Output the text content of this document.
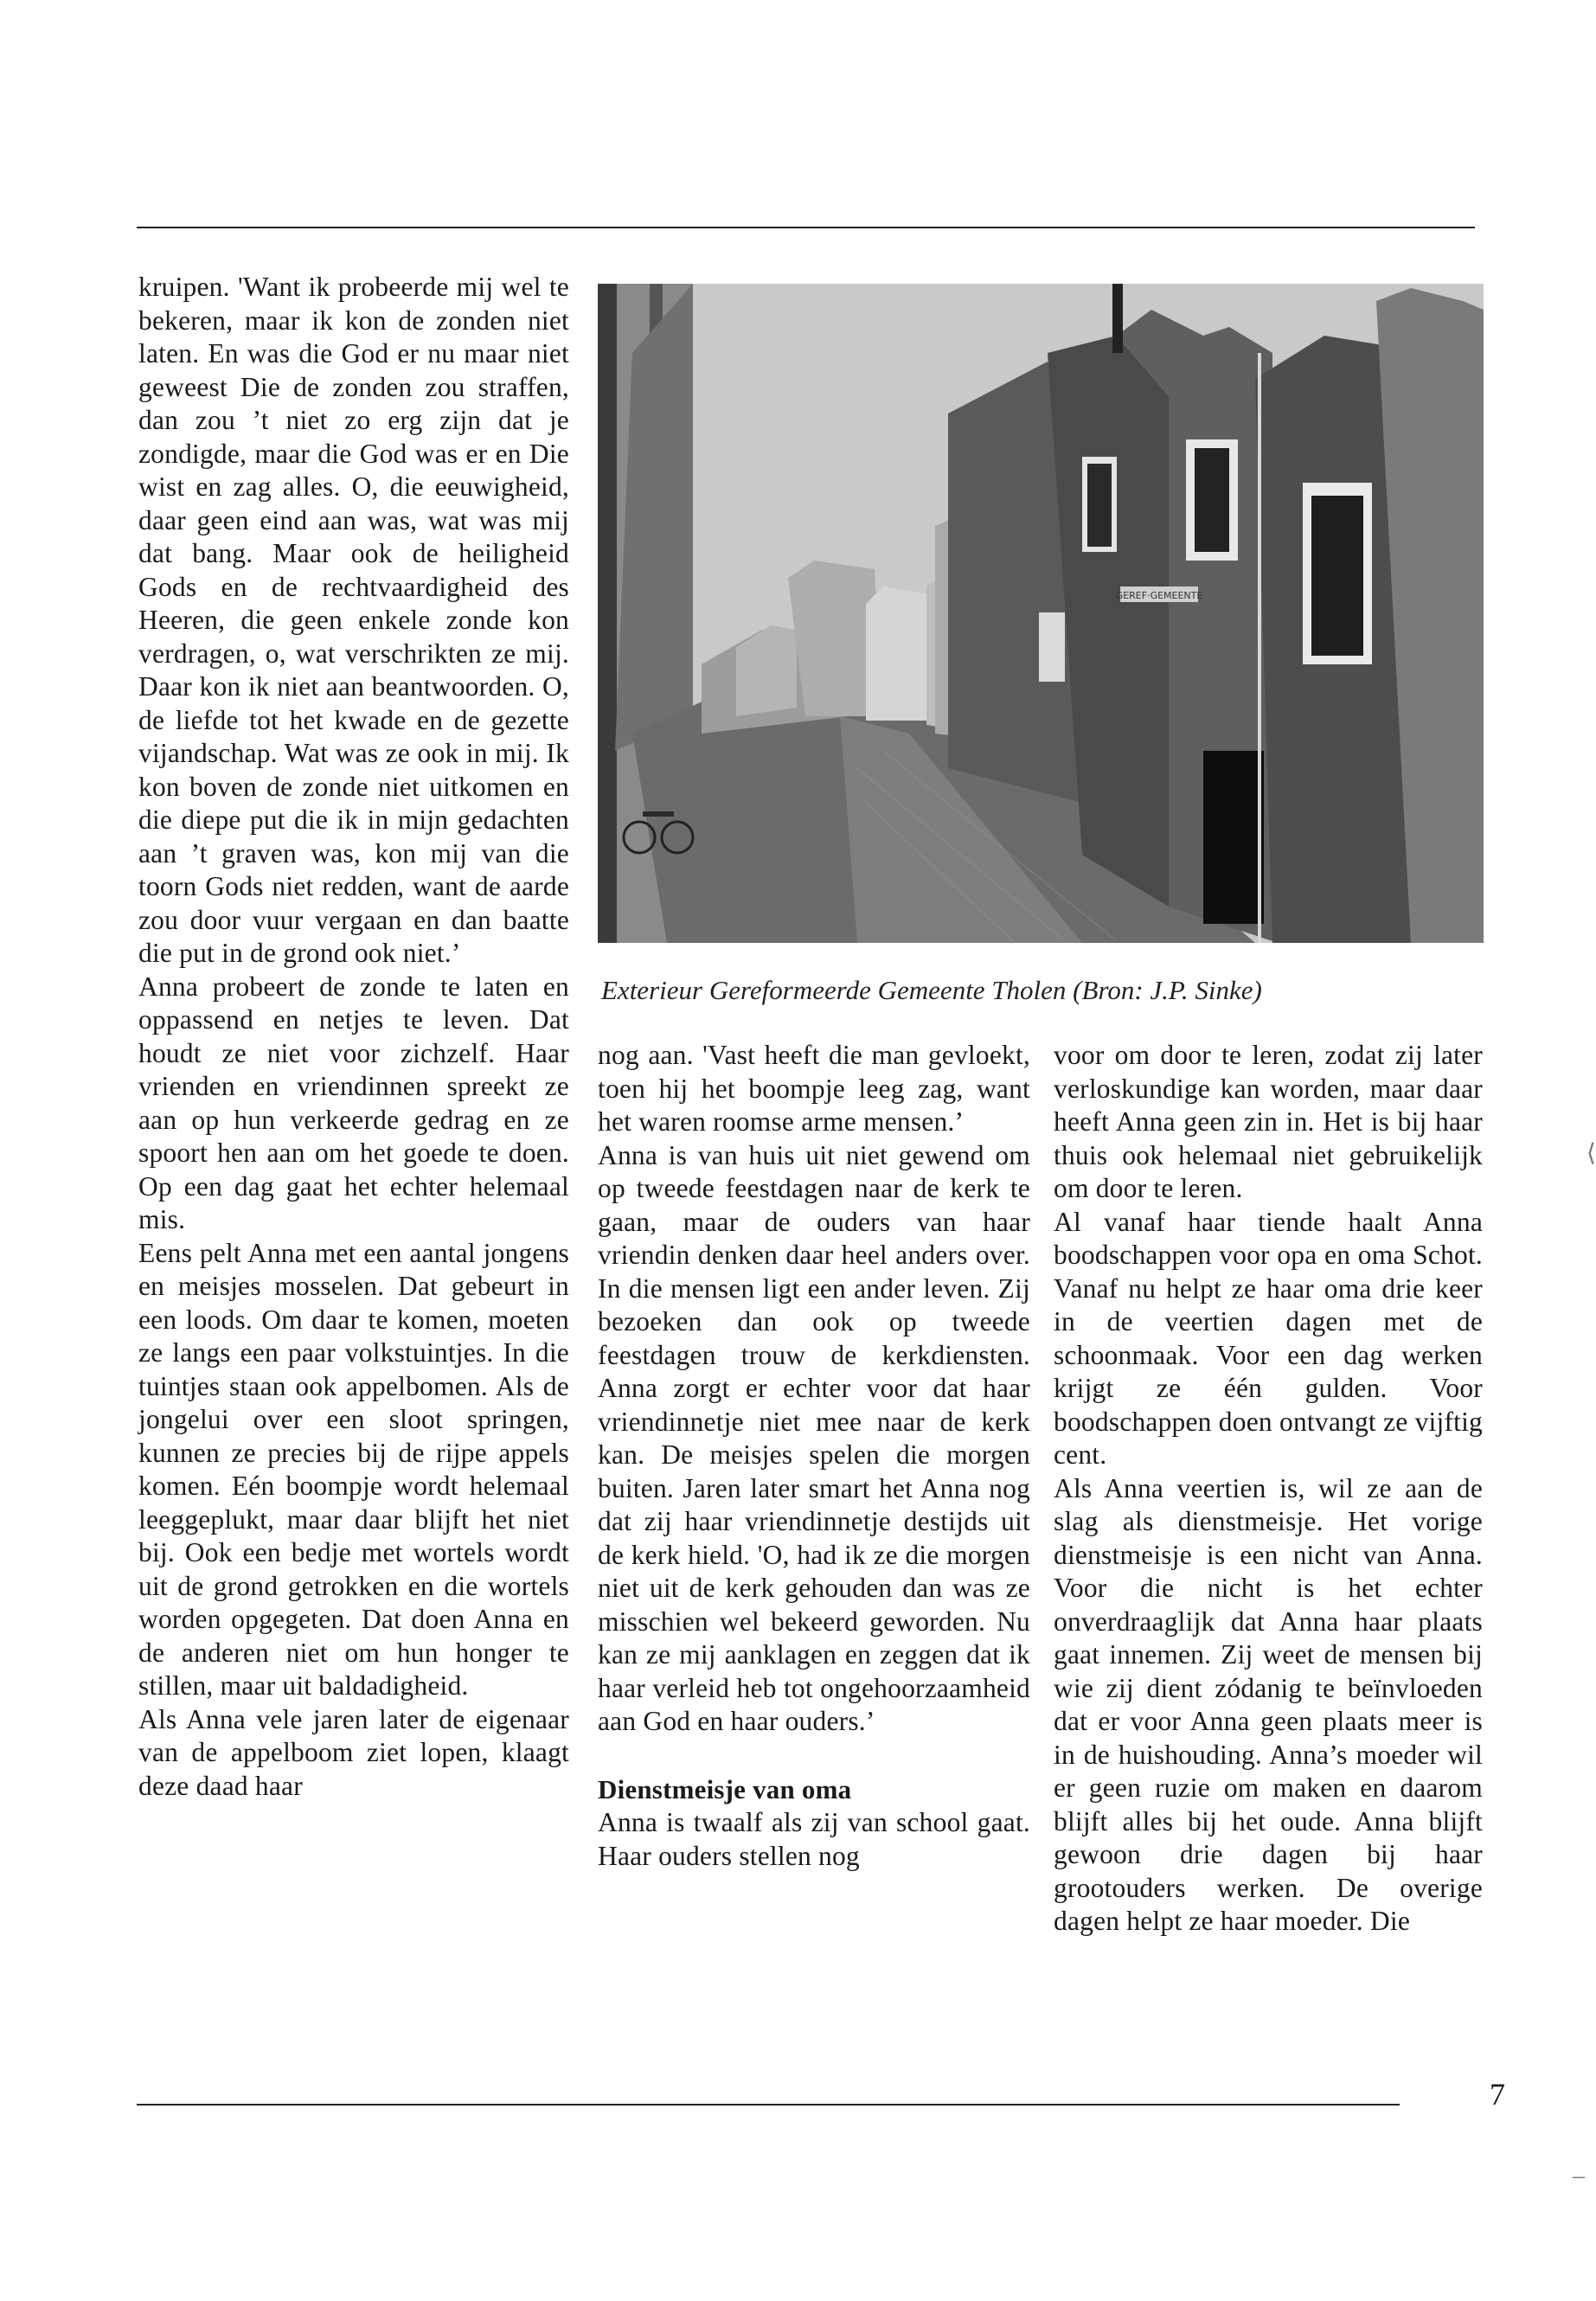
kruipen. 'Want ik probeerde mij wel te bekeren, maar ik kon de zonden niet laten. En was die God er nu maar niet geweest Die de zonden zou straffen, dan zou ’t niet zo erg zijn dat je zondigde, maar die God was er en Die wist en zag alles. O, die eeuwigheid, daar geen eind aan was, wat was mij dat bang. Maar ook de heiligheid Gods en de rechtvaardigheid des Heeren, die geen enkele zonde kon verdragen, o, wat verschrikten ze mij. Daar kon ik niet aan beantwoorden. O, de liefde tot het kwade en de gezette vijandschap. Wat was ze ook in mij. Ik kon boven de zonde niet uitkomen en die diepe put die ik in mijn gedachten aan ’t graven was, kon mij van die toorn Gods niet redden, want de aarde zou door vuur vergaan en dan baatte die put in de grond ook niet.’

Anna probeert de zonde te laten en oppassend en netjes te leven. Dat houdt ze niet voor zichzelf. Haar vrienden en vriendinnen spreekt ze aan op hun verkeerde gedrag en ze spoort hen aan om het goede te doen. Op een dag gaat het echter helemaal mis.

Eens pelt Anna met een aantal jongens en meisjes mosselen. Dat gebeurt in een loods. Om daar te komen, moeten ze langs een paar volkstuintjes. In die tuintjes staan ook appelbomen. Als de jongelui over een sloot springen, kunnen ze precies bij de rijpe appels komen. Eén boompje wordt helemaal leeggeplukt, maar daar blijft het niet bij. Ook een bedje met wortels wordt uit de grond getrokken en die wortels worden opgegeten. Dat doen Anna en de anderen niet om hun honger te stillen, maar uit baldadigheid.

Als Anna vele jaren later de eigenaar van de appelboom ziet lopen, klaagt deze daad haar

GEREF·GEMEENTE
Exterieur Gereformeerde Gemeente Tholen (Bron: J.P. Sinke)

nog aan. 'Vast heeft die man gevloekt, toen hij het boompje leeg zag, want het waren roomse arme mensen.’

Anna is van huis uit niet gewend om op tweede feestdagen naar de kerk te gaan, maar de ouders van haar vriendin denken daar heel anders over. In die mensen ligt een ander leven. Zij bezoeken dan ook op tweede feestdagen trouw de kerkdiensten. Anna zorgt er echter voor dat haar vriendinnetje niet mee naar de kerk kan. De meisjes spelen die morgen buiten. Jaren later smart het Anna nog dat zij haar vriendinnetje destijds uit de kerk hield. 'O, had ik ze die morgen niet uit de kerk gehouden dan was ze misschien wel bekeerd geworden. Nu kan ze mij aanklagen en zeggen dat ik haar verleid heb tot ongehoorzaamheid aan God en haar ouders.’

Dienstmeisje van oma

Anna is twaalf als zij van school gaat. Haar ouders stellen nog

voor om door te leren, zodat zij later verloskundige kan worden, maar daar heeft Anna geen zin in. Het is bij haar thuis ook helemaal niet gebruikelijk om door te leren.

Al vanaf haar tiende haalt Anna boodschappen voor opa en oma Schot. Vanaf nu helpt ze haar oma drie keer in de veertien dagen met de schoonmaak. Voor een dag werken krijgt ze één gulden. Voor boodschappen doen ontvangt ze vijftig cent.

Als Anna veertien is, wil ze aan de slag als dienstmeisje. Het vorige dienstmeisje is een nicht van Anna. Voor die nicht is het echter onverdraaglijk dat Anna haar plaats gaat innemen. Zij weet de mensen bij wie zij dient zódanig te beïnvloeden dat er voor Anna geen plaats meer is in de huishouding. Anna’s moeder wil er geen ruzie om maken en daarom blijft alles bij het oude. Anna blijft gewoon drie dagen bij haar grootouders werken. De overige dagen helpt ze haar moeder. Die

7
⟨
–
